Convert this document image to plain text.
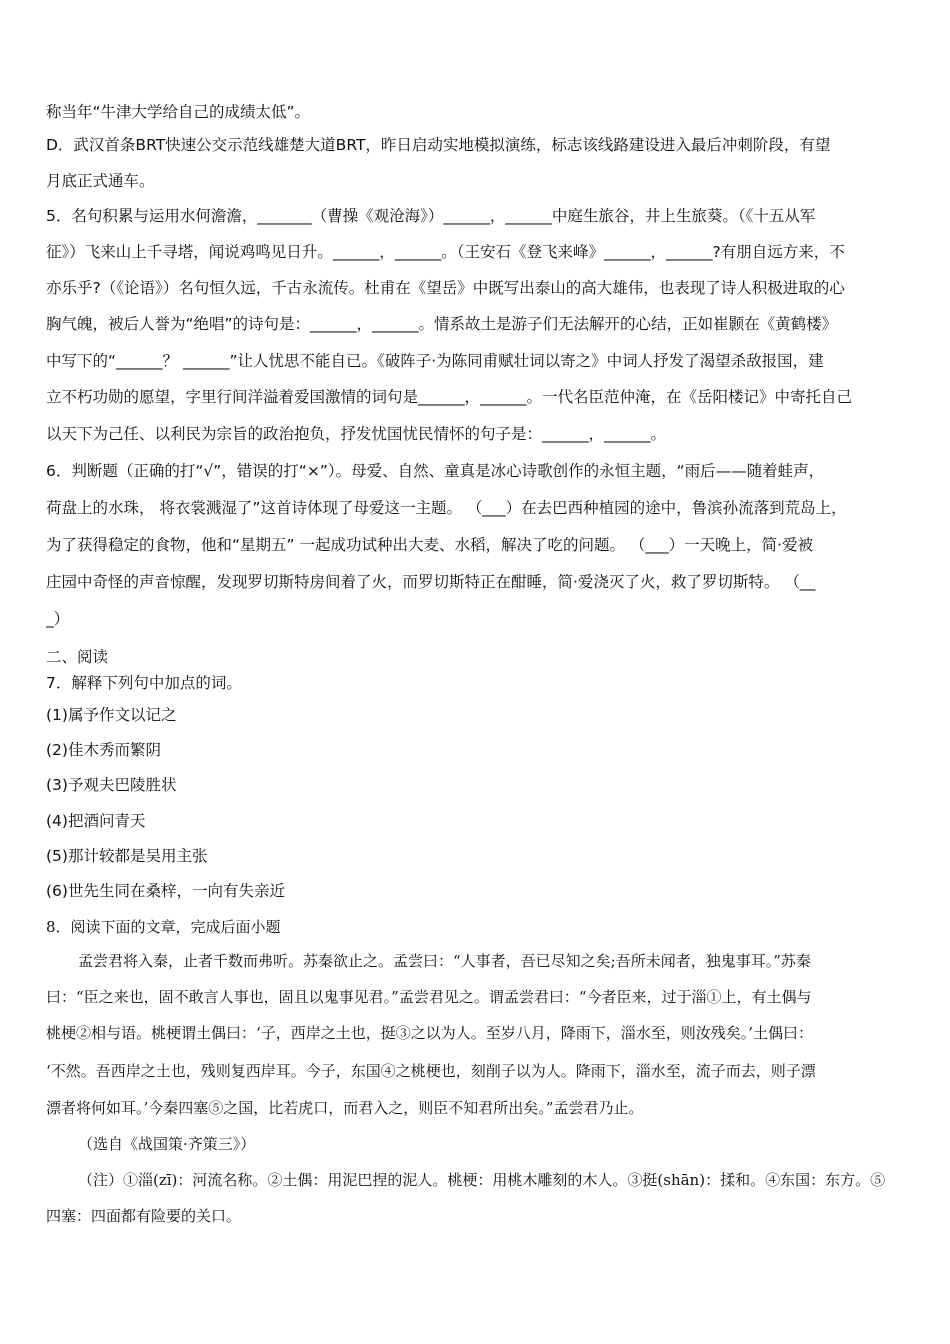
称当年“牛津大学给自己的成绩太低”。
D．武汉首条BRT快速公交示范线雄楚大道BRT，昨日启动实地模拟演练，标志该线路建设进入最后冲刺阶段，有望
月底正式通车。
5．名句积累与运用水何澹澹，_______（曹操《观沧海》）______，______中庭生旅谷，井上生旅葵。（《十五从军
征》）飞来山上千寻塔，闻说鸡鸣见日升。______，______。（王安石《登飞来峰》______，______?有朋自远方来，不
亦乐乎?（《论语》）名句恒久远，千古永流传。杜甫在《望岳》中既写出泰山的高大雄伟，也表现了诗人积极进取的心
胸气魄，被后人誉为“绝唱”的诗句是：______，______。情系故土是游子们无法解开的心结，正如崔颢在《黄鹤楼》
中写下的“______？ ______”让人忧思不能自已。《破阵子·为陈同甫赋壮词以寄之》中词人抒发了渴望杀敌报国，建
立不朽功勋的愿望，字里行间洋溢着爱国激情的词句是______，______。一代名臣范仲淹，在《岳阳楼记》中寄托自己
以天下为己任、以利民为宗旨的政治抱负，抒发忧国忧民情怀的句子是：______，______。
6．判断题（正确的打“√”，错误的打“×”）。母爱、自然、童真是冰心诗歌创作的永恒主题，“雨后——随着蛙声，
荷盘上的水珠， 将衣裳溅湿了”这首诗体现了母爱这一主题。 （___）在去巴西种植园的途中，鲁滨孙流落到荒岛上，
为了获得稳定的食物，他和“星期五” 一起成功试种出大麦、水稻，解决了吃的问题。 （___）一天晚上，简·爱被
庄园中奇怪的声音惊醒，发现罗切斯特房间着了火，而罗切斯特正在酣睡，简·爱浇灭了火，救了罗切斯特。 （__
_）
二、阅读
7．解释下列句中加点的词。
(1)属予作文以记之
(2)佳木秀而繁阴
(3)予观夫巴陵胜状
(4)把酒问青天
(5)那计较都是吴用主张
(6)世先生同在桑梓，一向有失亲近
8．阅读下面的文章，完成后面小题
孟尝君将入秦，止者千数而弗听。苏秦欲止之。孟尝曰：“人事者，吾已尽知之矣;吾所未闻者，独鬼事耳。”苏秦
曰：“臣之来也，固不敢言人事也，固且以鬼事见君。”孟尝君见之。谓孟尝君曰：“今者臣来，过于淄①上，有土偶与
桃梗②相与语。桃梗谓土偶曰：‘子，西岸之土也，挺③之以为人。至岁八月，降雨下，淄水至，则汝残矣。’土偶曰：
‘不然。吾西岸之土也，残则复西岸耳。今子，东国④之桃梗也，刻削子以为人。降雨下，淄水至，流子而去，则子漂
漂者将何如耳。’今秦四塞⑤之国，比若虎口，而君入之，则臣不知君所出矣。”孟尝君乃止。
（选自《战国策·齐策三》）
（注）①淄(zī)：河流名称。②土偶：用泥巴捏的泥人。桃梗：用桃木雕刻的木人。③挺(shān)：揉和。④东国：东方。⑤
四塞：四面都有险要的关口。
